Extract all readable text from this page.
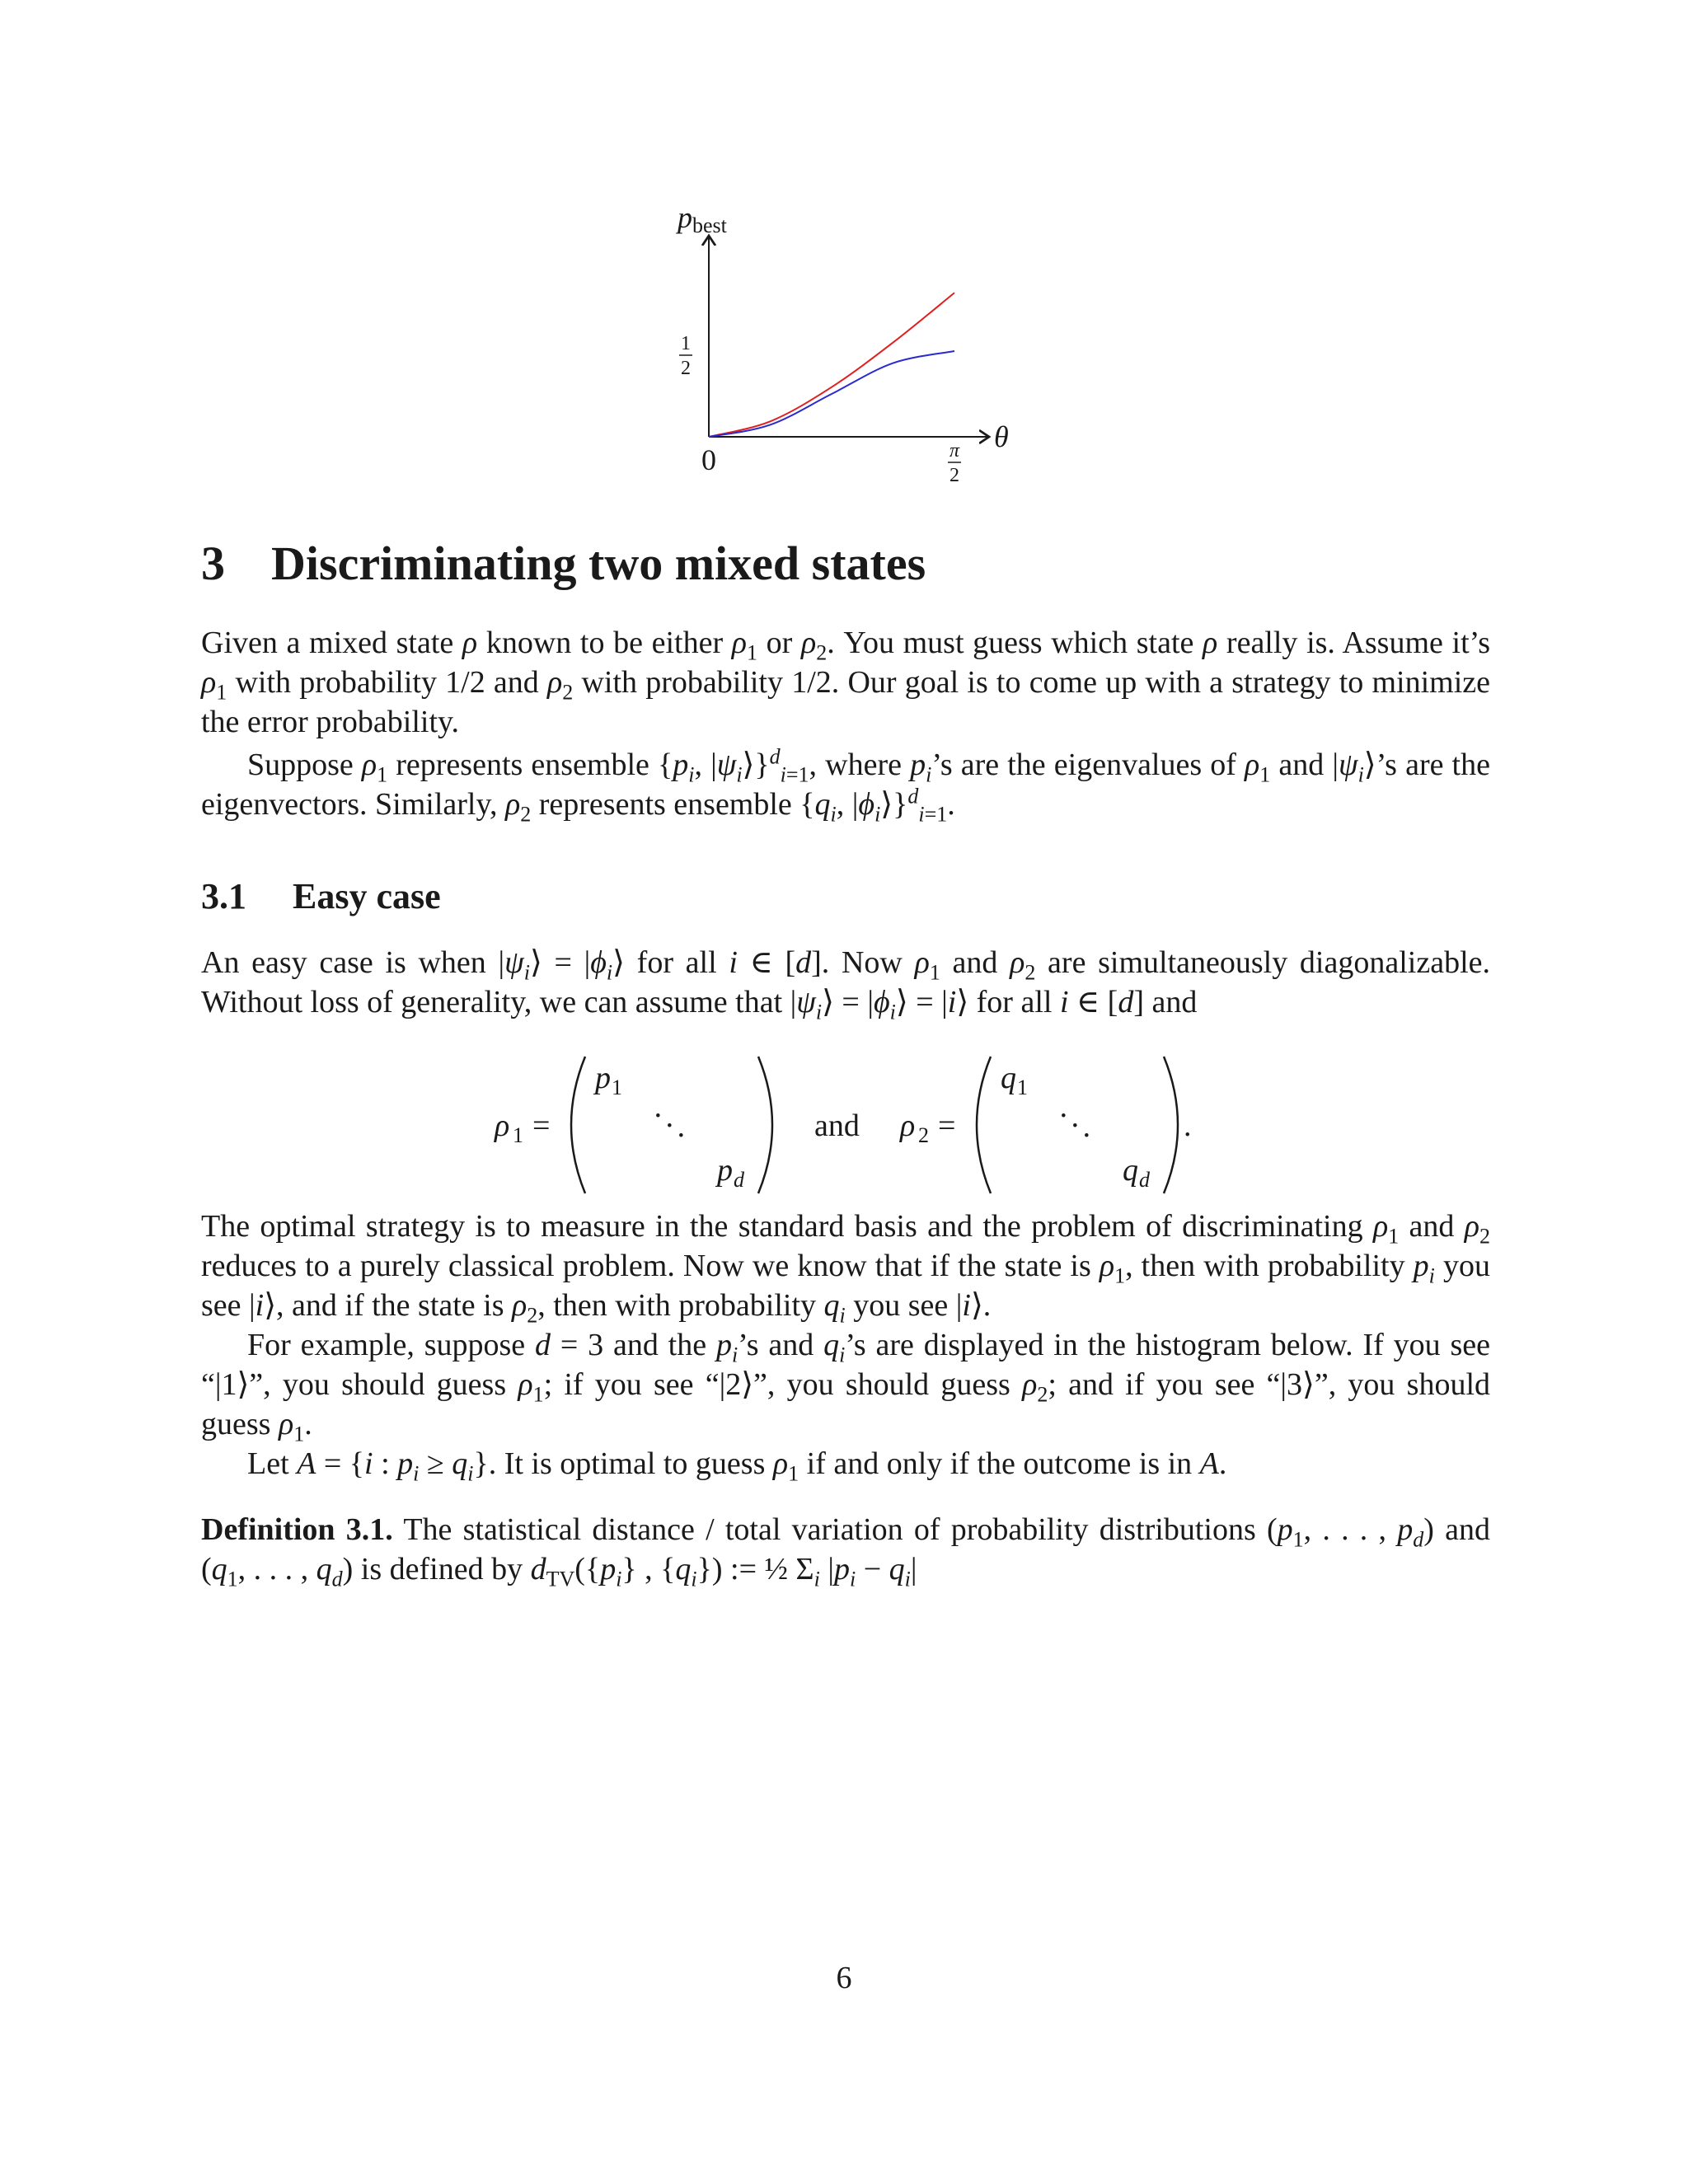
pbest
1
2
0	π
2
θ
3 Discriminating two mixed states
Given a mixed state ρ known to be either $\rho_1$ or $\rho_2$. You must guess which state ρ really is. Assume it’s $\rho_1$ with probability 1/2 and $\rho_2$ with probability 1/2. Our goal is to come up with a strategy to minimize the error probability.
Suppose $\rho_1$ represents ensemble {$p_i$, $|\psi_i⟩\}^d_{i=1}$, where $p_i’s$ are the eigenvalues of $\rho_1$ and $|\psi_i⟩’s$ are the eigenvectors. Similarly, $\rho_2$ represents ensemble {$q_i$, $|\phi_i⟩\}^d_{i=1}$.
3.1 Easy case
An easy case is when $|\psi_i⟩$ = $|\phi_i⟩$ for all i ∈ [d]. Now $\rho_1$ and $\rho_2$ are simultaneously diagonalizable. Without loss of generality, we can assume that $|\psi_i⟩$ = $|\phi_i⟩$ = |i⟩ for all i ∈ [d] and
ρ 1 =
p 1
· · ·
p d
and ρ 2 =
q 1
· · ·
q d
.
The optimal strategy is to measure in the standard basis and the problem of discriminating $\rho_1$ and $\rho_2$ reduces to a purely classical problem. Now we know that if the state is $\rho_1$, then with probability $p_i$ you see |i⟩, and if the state is $\rho_2$, then with probability $q_i$ you see |i⟩.
For example, suppose d = 3 and the $p_i’s$ and $q_i’s$ are displayed in the histogram below. If you see “|1⟩”, you should guess $\rho_1$; if you see “|2⟩”, you should guess $\rho_2$; and if you see “|3⟩”, you should guess $\rho_1$.
Let A = {i : $p_i \ge q_i$}. It is optimal to guess $\rho_1$ if and only if the outcome is in A.
Definition 3.1. The statistical distance / total variation of probability distributions ($p_1$, . . . , $p_d$) and ($q_1$, . . . , $q_d$) is defined by $d_{TV}(\{p_i\}$ , $\{q_i\}$) := ½ $\Sigma_i$ $|p_i - q_i|$
6
